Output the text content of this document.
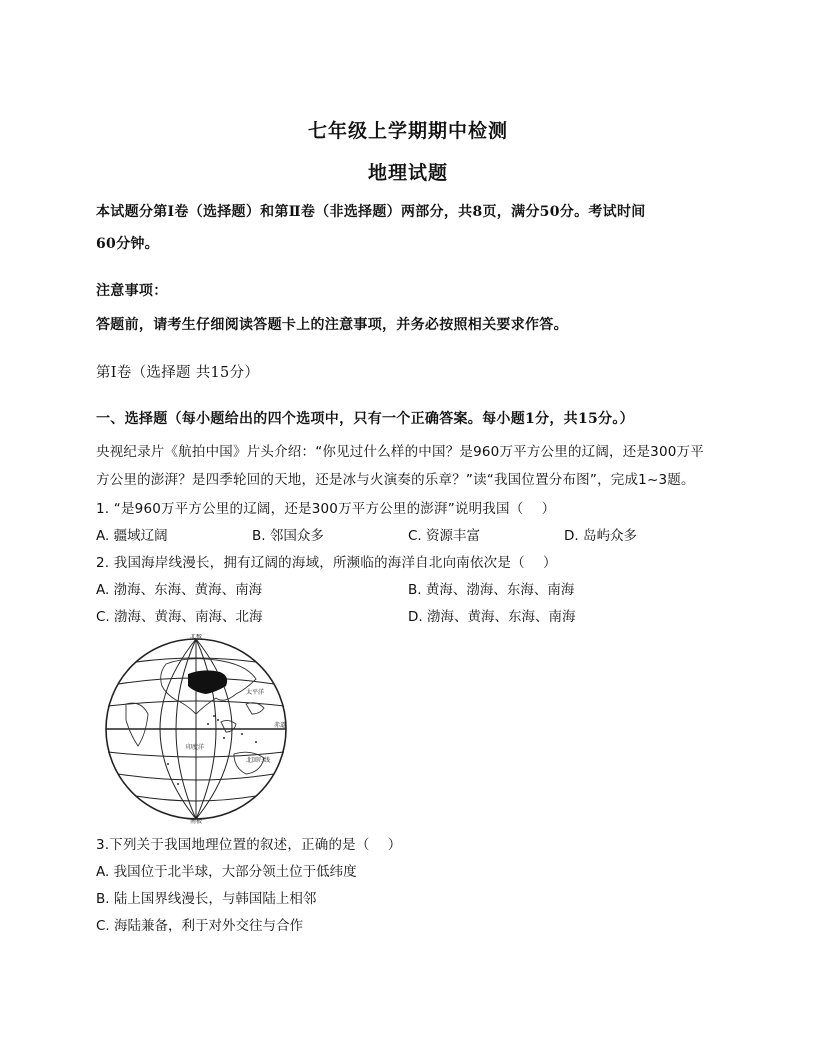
七年级上学期期中检测
地理试题
本试题分第Ⅰ卷（选择题）和第Ⅱ卷（非选择题）两部分，共8页，满分50分。考试时间
60分钟。
注意事项：
答题前，请考生仔细阅读答题卡上的注意事项，并务必按照相关要求作答。
第Ⅰ卷（选择题 共15分）
一、选择题（每小题给出的四个选项中，只有一个正确答案。每小题1分，共15分。）
央视纪录片《航拍中国》片头介绍：“你见过什么样的中国？是960万平方公里的辽阔，还是300万平
方公里的澎湃？是四季轮回的天地，还是冰与火演奏的乐章？”读“我国位置分布图”，完成1~3题。
1. “是960万平方公里的辽阔，还是300万平方公里的澎湃”说明我国（　 ）
A. 疆域辽阔	B. 邻国众多	C. 资源丰富	D. 岛屿众多
2. 我国海岸线漫长，拥有辽阔的海域，所濒临的海洋自北向南依次是（　 ）
A. 渤海、东海、黄海、南海	B. 黄海、渤海、东海、南海
C. 渤海、黄海、南海、北海	D. 渤海、黄海、东海、南海
北极
南极
赤道
太平洋
印度洋
北回归线
3.下列关于我国地理位置的叙述，正确的是（　 ）
A. 我国位于北半球，大部分领土位于低纬度
B. 陆上国界线漫长，与韩国陆上相邻
C. 海陆兼备，利于对外交往与合作
